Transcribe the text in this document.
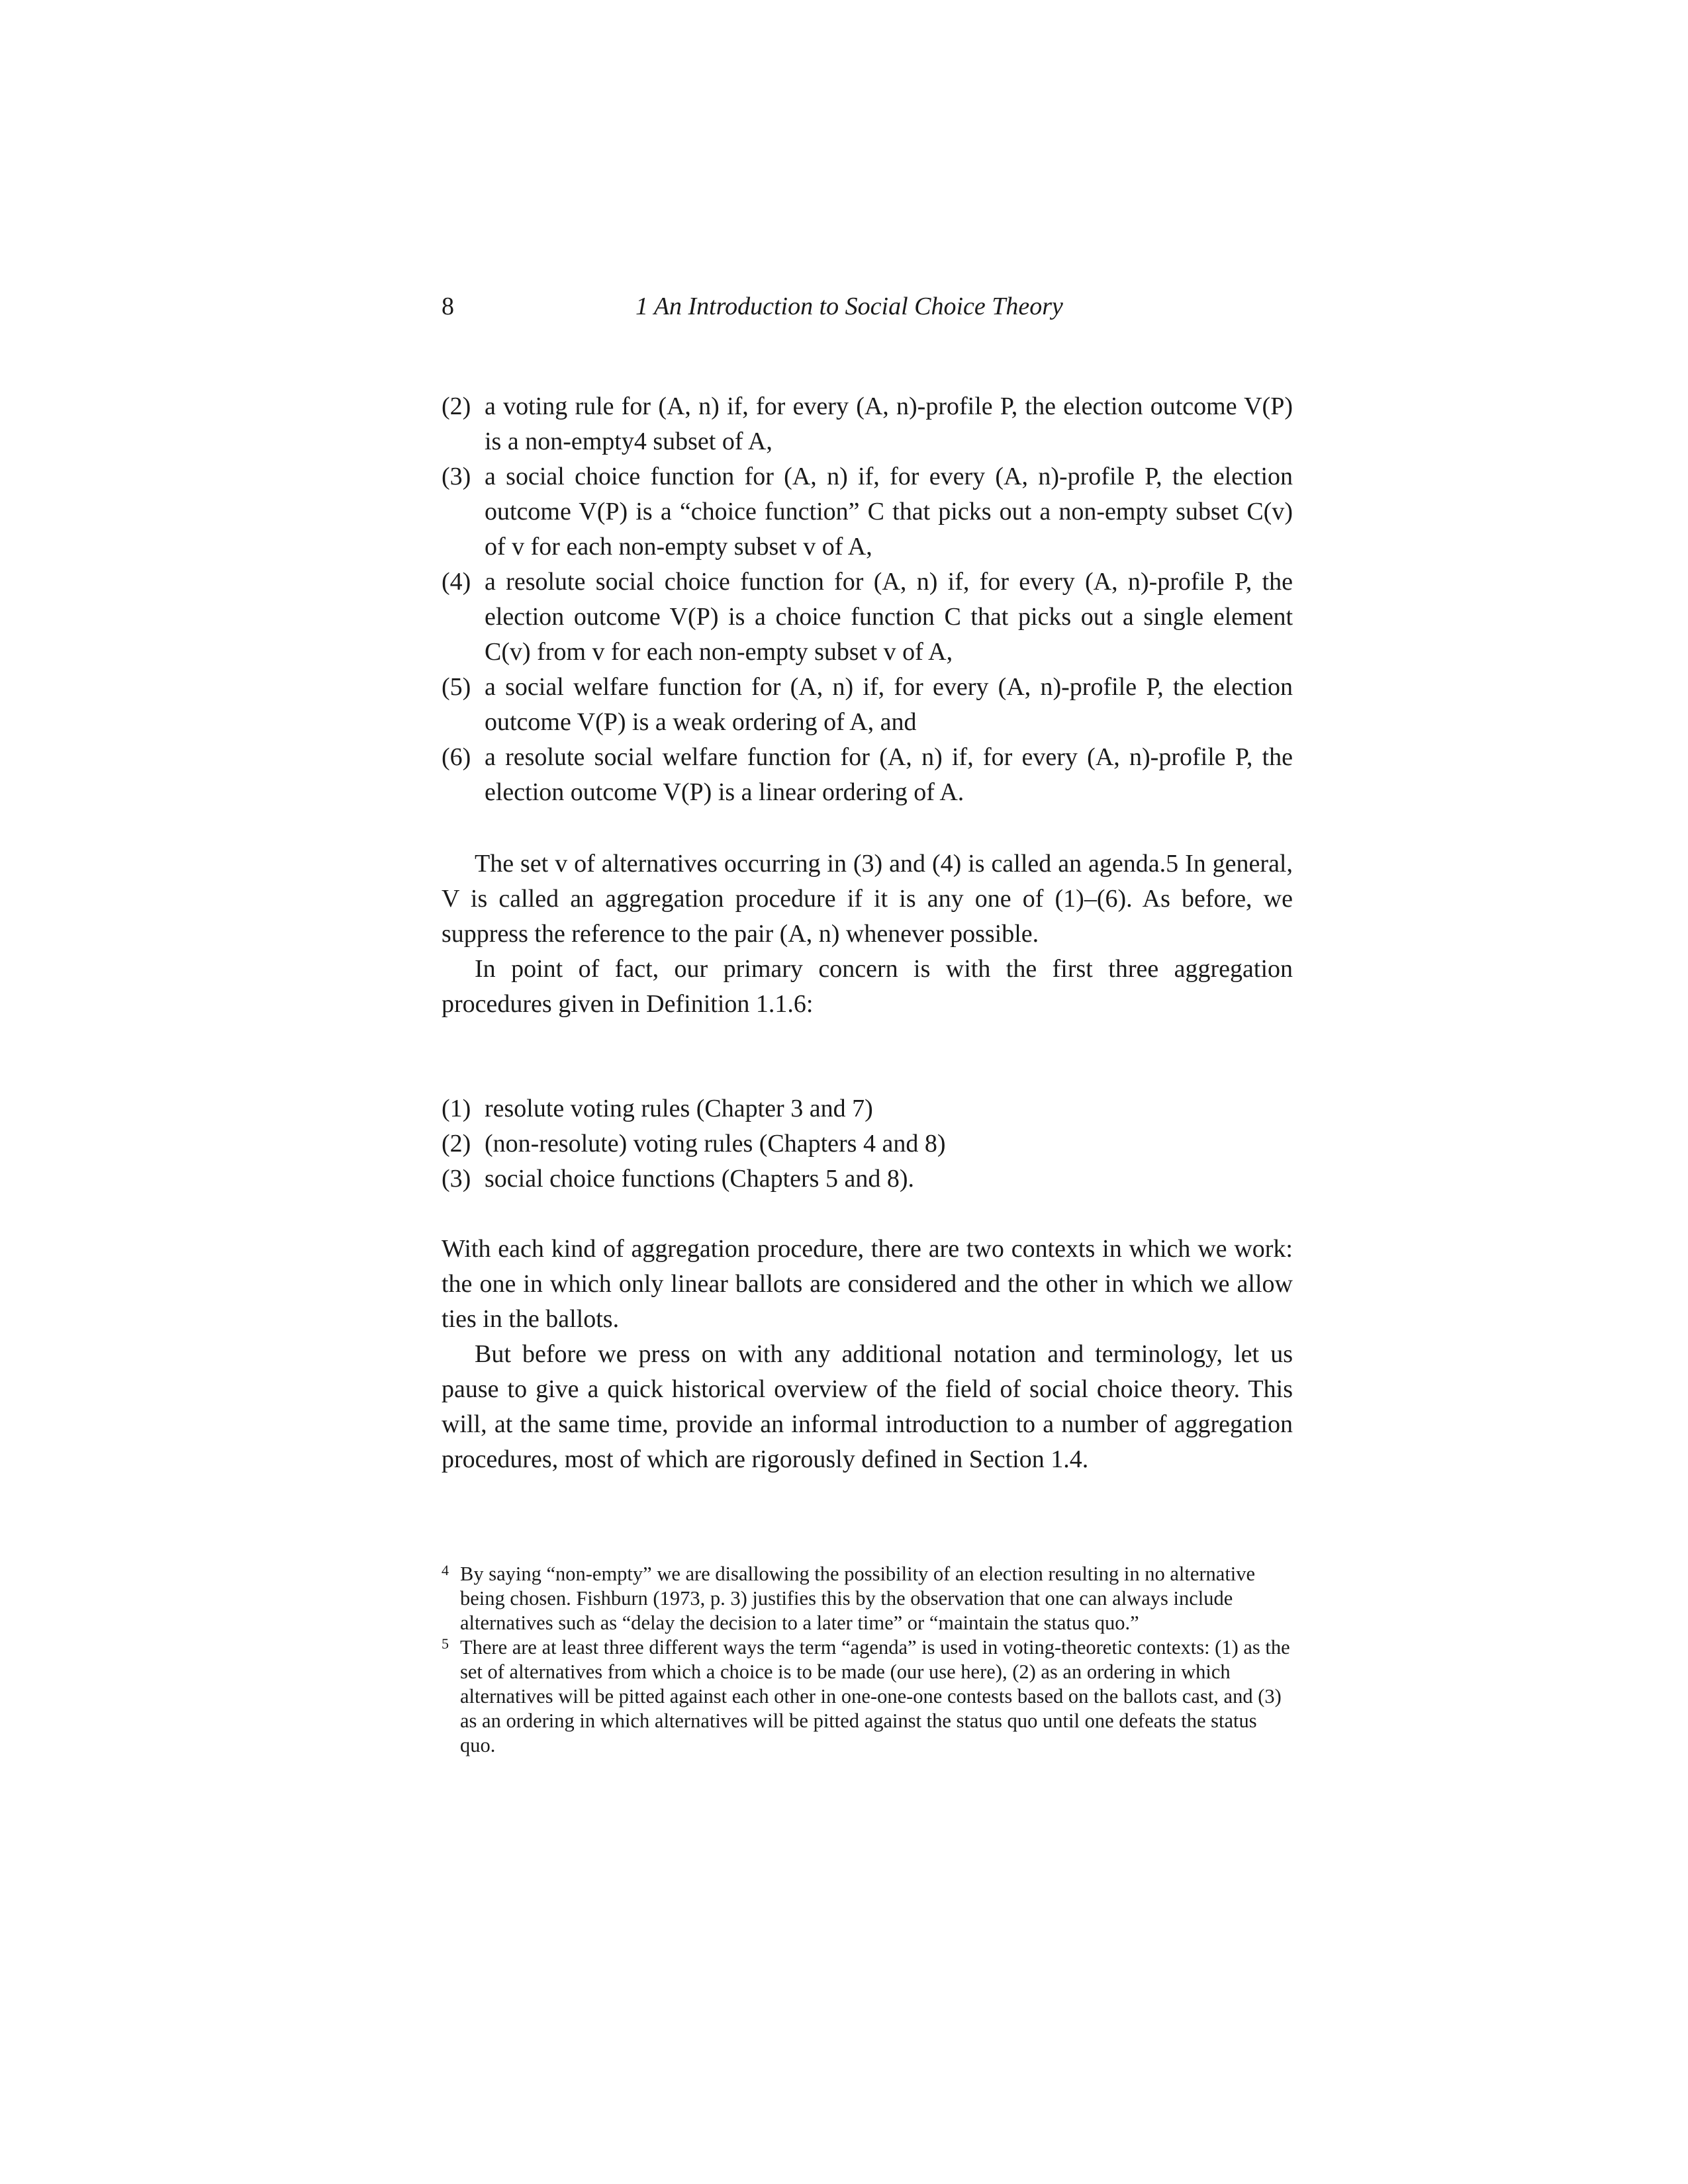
8	1 An Introduction to Social Choice Theory
(2) a voting rule for (A, n) if, for every (A, n)-profile P, the election outcome V(P) is a non-empty4 subset of A,
(3) a social choice function for (A, n) if, for every (A, n)-profile P, the election outcome V(P) is a “choice function” C that picks out a non-empty subset C(v) of v for each non-empty subset v of A,
(4) a resolute social choice function for (A, n) if, for every (A, n)-profile P, the election outcome V(P) is a choice function C that picks out a single element C(v) from v for each non-empty subset v of A,
(5) a social welfare function for (A, n) if, for every (A, n)-profile P, the election outcome V(P) is a weak ordering of A, and
(6) a resolute social welfare function for (A, n) if, for every (A, n)-profile P, the election outcome V(P) is a linear ordering of A.

The set v of alternatives occurring in (3) and (4) is called an agenda.5 In general, V is called an aggregation procedure if it is any one of (1)–(6). As before, we suppress the reference to the pair (A, n) whenever possible.

In point of fact, our primary concern is with the first three aggregation procedures given in Definition 1.1.6:

(1) resolute voting rules (Chapter 3 and 7)
(2) (non-resolute) voting rules (Chapters 4 and 8)
(3) social choice functions (Chapters 5 and 8).

With each kind of aggregation procedure, there are two contexts in which we work: the one in which only linear ballots are considered and the other in which we allow ties in the ballots.

But before we press on with any additional notation and terminology, let us pause to give a quick historical overview of the field of social choice theory. This will, at the same time, provide an informal introduction to a number of aggregation procedures, most of which are rigorously defined in Section 1.4.

4 By saying “non-empty” we are disallowing the possibility of an election resulting in no alternative being chosen. Fishburn (1973, p. 3) justifies this by the observation that one can always include alternatives such as “delay the decision to a later time” or “maintain the status quo.”
5 There are at least three different ways the term “agenda” is used in voting-theoretic contexts: (1) as the set of alternatives from which a choice is to be made (our use here), (2) as an ordering in which alternatives will be pitted against each other in one-one-one contests based on the ballots cast, and (3) as an ordering in which alternatives will be pitted against the status quo until one defeats the status quo.
